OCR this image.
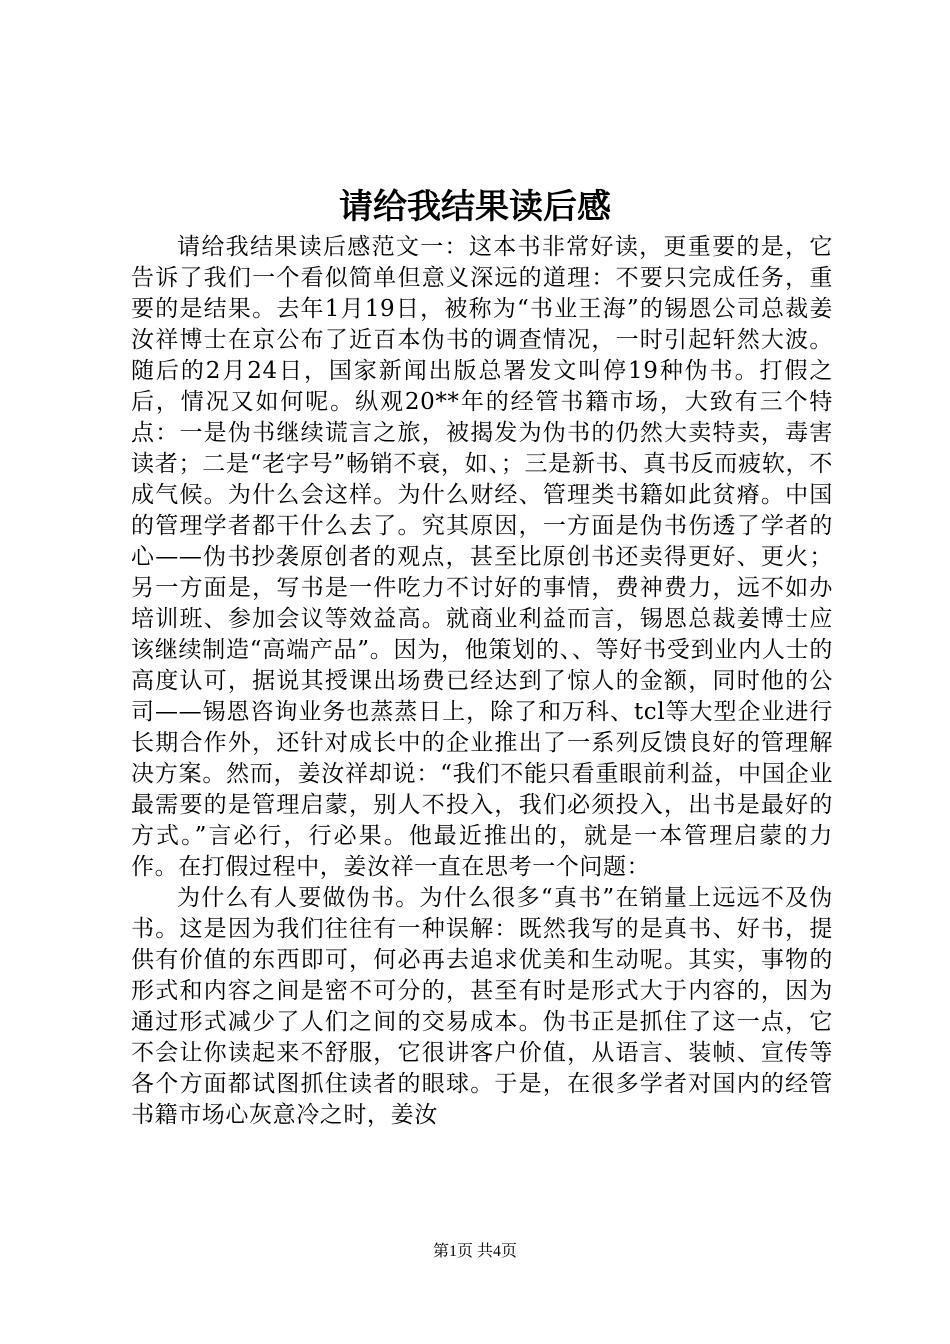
请给我结果读后感

请给我结果读后感范文一：这本书非常好读，更重要的是，它告诉了我们一个看似简单但意义深远的道理：不要只完成任务，重要的是结果。去年1月19日，被称为“书业王海”的锡恩公司总裁姜汝祥博士在京公布了近百本伪书的调查情况，一时引起轩然大波。随后的2月24日，国家新闻出版总署发文叫停19种伪书。打假之后，情况又如何呢。纵观20**年的经管书籍市场，大致有三个特点：一是伪书继续谎言之旅，被揭发为伪书的仍然大卖特卖，毒害读者；二是“老字号”畅销不衰，如、；三是新书、真书反而疲软，不成气候。为什么会这样。为什么财经、管理类书籍如此贫瘠。中国的管理学者都干什么去了。究其原因，一方面是伪书伤透了学者的心——伪书抄袭原创者的观点，甚至比原创书还卖得更好、更火；另一方面是，写书是一件吃力不讨好的事情，费神费力，远不如办培训班、参加会议等效益高。就商业利益而言，锡恩总裁姜博士应该继续制造“高端产品”。因为，他策划的、、等好书受到业内人士的高度认可，据说其授课出场费已经达到了惊人的金额，同时他的公司——锡恩咨询业务也蒸蒸日上，除了和万科、tcl等大型企业进行长期合作外，还针对成长中的企业推出了一系列反馈良好的管理解决方案。然而，姜汝祥却说：“我们不能只看重眼前利益，中国企业最需要的是管理启蒙，别人不投入，我们必须投入，出书是最好的方式。”言必行，行必果。他最近推出的，就是一本管理启蒙的力作。在打假过程中，姜汝祥一直在思考一个问题：

为什么有人要做伪书。为什么很多“真书”在销量上远远不及伪书。这是因为我们往往有一种误解：既然我写的是真书、好书，提供有价值的东西即可，何必再去追求优美和生动呢。其实，事物的形式和内容之间是密不可分的，甚至有时是形式大于内容的，因为通过形式减少了人们之间的交易成本。伪书正是抓住了这一点，它不会让你读起来不舒服，它很讲客户价值，从语言、装帧、宣传等各个方面都试图抓住读者的眼球。于是，在很多学者对国内的经管书籍市场心灰意冷之时，姜汝

第1页 共4页
